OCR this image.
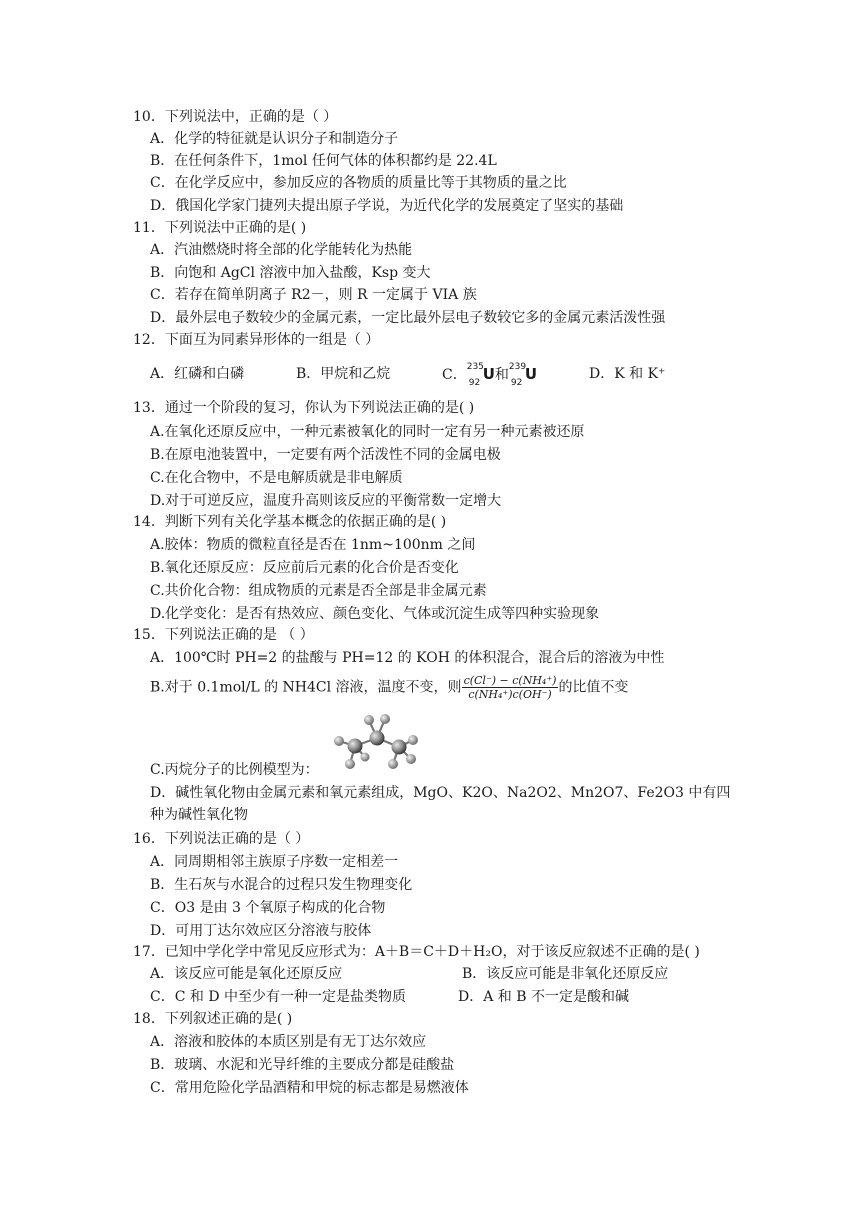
10．下列说法中，正确的是（ ）
A．化学的特征就是认识分子和制造分子
B．在任何条件下，1mol 任何气体的体积都约是 22.4L
C．在化学反应中，参加反应的各物质的质量比等于其物质的量之比
D．俄国化学家门捷列夫提出原子学说，为近代化学的发展奠定了坚实的基础
11．下列说法中正确的是( )
A．汽油燃烧时将全部的化学能转化为热能
B．向饱和 AgCl 溶液中加入盐酸，Ksp 变大
C．若存在简单阴离子 R2－，则 R 一定属于 VIA 族
D．最外层电子数较少的金属元素，一定比最外层电子数较它多的金属元素活泼性强
12．下面互为同素异形体的一组是（ ）
A．红磷和白磷	B．甲烷和乙烷	C． 235
92 U和 239
92 U	D．K 和 K⁺
13．通过一个阶段的复习，你认为下列说法正确的是( )
A.在氧化还原反应中，一种元素被氧化的同时一定有另一种元素被还原
B.在原电池装置中，一定要有两个活泼性不同的金属电极
C.在化合物中，不是电解质就是非电解质
D.对于可逆反应，温度升高则该反应的平衡常数一定增大
14．判断下列有关化学基本概念的依据正确的是( )
A.胶体：物质的微粒直径是否在 1nm~100nm 之间
B.氧化还原反应：反应前后元素的化合价是否变化
C.共价化合物：组成物质的元素是否全部是非金属元素
D.化学变化：是否有热效应、颜色变化、气体或沉淀生成等四种实验现象
15．下列说法正确的是 （ ）
A．100℃时 PH=2 的盐酸与 PH=12 的 KOH 的体积混合，混合后的溶液为中性
B.对于 0.1mol/L 的 NH4Cl 溶液，温度不变，则 $\frac{\text{c(Cl⁻) − c(NH₄⁺)}}{\text{c(NH₄⁺)c(OH⁻)}}$ 的比值不变
C.丙烷分子的比例模型为：
D．碱性氧化物由金属元素和氧元素组成，MgO、K2O、Na2O2、Mn2O7、Fe2O3 中有四种为碱性氧化物
16．下列说法正确的是（ ）
A．同周期相邻主族原子序数一定相差一
B．生石灰与水混合的过程只发生物理变化
C．O3 是由 3 个氧原子构成的化合物
D．可用丁达尔效应区分溶液与胶体
17．已知中学化学中常见反应形式为：A＋B＝C＋D＋H₂O，对于该反应叙述不正确的是( )
A．该反应可能是氧化还原反应	B．该反应可能是非氧化还原反应
C．C 和 D 中至少有一种一定是盐类物质	D．A 和 B 不一定是酸和碱
18．下列叙述正确的是( )
A．溶液和胶体的本质区别是有无丁达尔效应
B．玻璃、水泥和光导纤维的主要成分都是硅酸盐
C．常用危险化学品酒精和甲烷的标志都是易燃液体
